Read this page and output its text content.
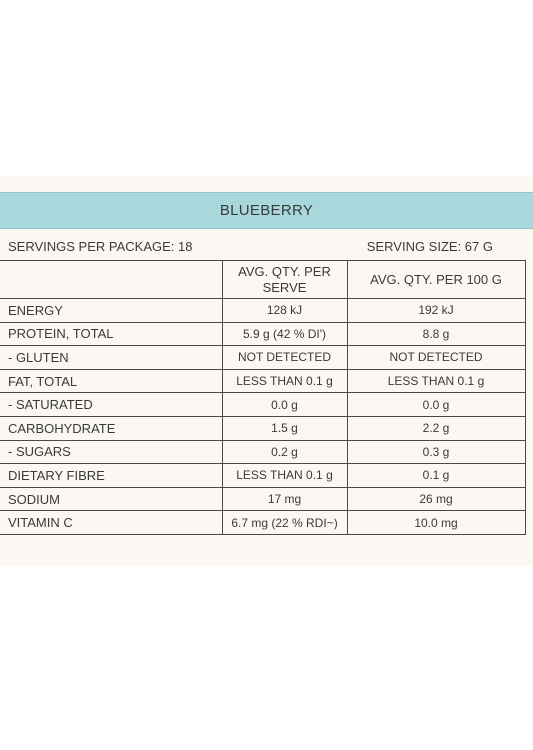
BLUEBERRY
SERVINGS PER PACKAGE: 18	SERVING SIZE: 67 G
	AVG. QTY. PER SERVE	AVG. QTY. PER 100 G
ENERGY	128 kJ	192 kJ
PROTEIN, TOTAL	5.9 g (42 % DI')	8.8 g
- GLUTEN	NOT DETECTED	NOT DETECTED
FAT, TOTAL	LESS THAN 0.1 g	LESS THAN 0.1 g
- SATURATED	0.0 g	0.0 g
CARBOHYDRATE	1.5 g	2.2 g
- SUGARS	0.2 g	0.3 g
DIETARY FIBRE	LESS THAN 0.1 g	0.1 g
SODIUM	17 mg	26 mg
VITAMIN C	6.7 mg (22 % RDI~)	10.0 mg
